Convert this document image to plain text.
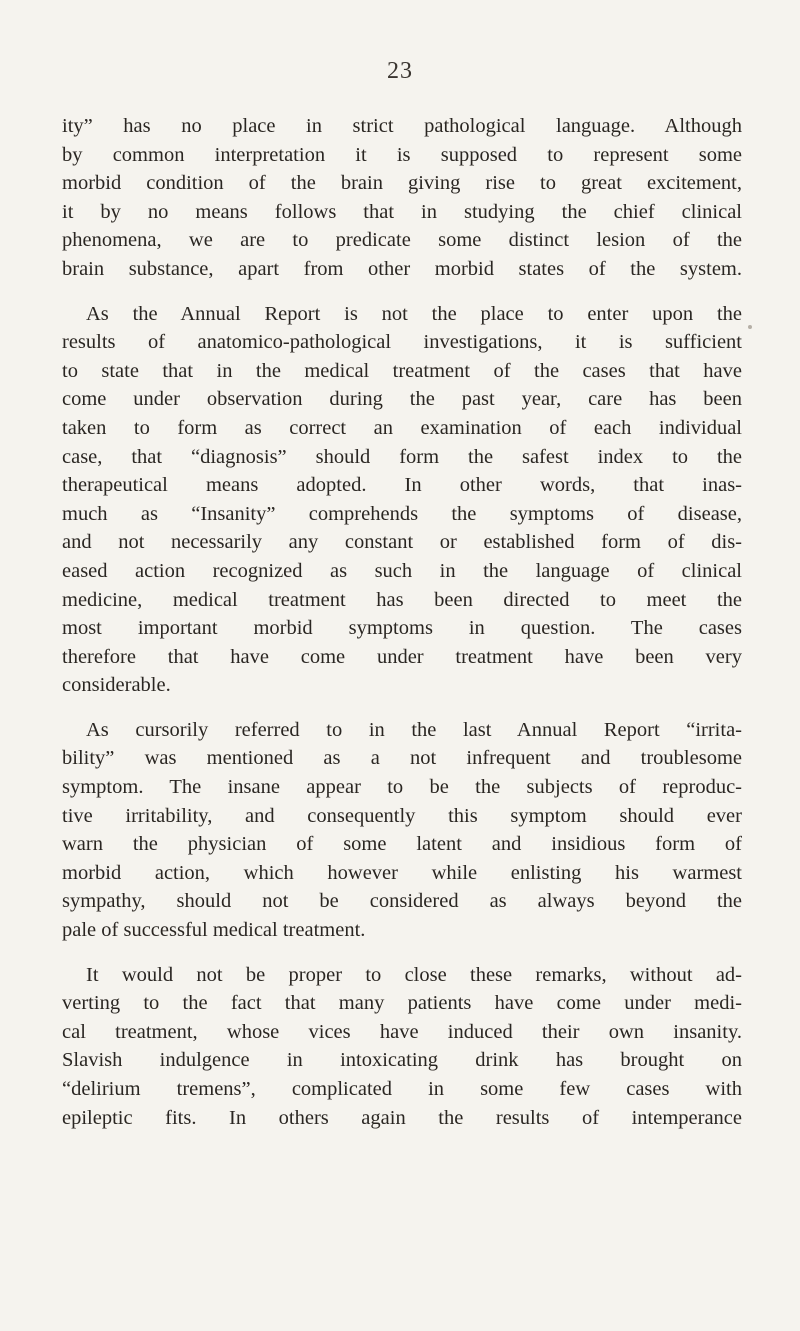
23

ity” has no place in strict pathological language. Although
by common interpretation it is supposed to represent some
morbid condition of the brain giving rise to great excitement,
it by no means follows that in studying the chief clinical
phenomena, we are to predicate some distinct lesion of the
brain substance, apart from other morbid states of the system.

As the Annual Report is not the place to enter upon the
results of anatomico-pathological investigations, it is sufficient
to state that in the medical treatment of the cases that have
come under observation during the past year, care has been
taken to form as correct an examination of each individual
case, that “diagnosis” should form the safest index to the
therapeutical means adopted. In other words, that inas-
much as “Insanity” comprehends the symptoms of disease,
and not necessarily any constant or established form of dis-
eased action recognized as such in the language of clinical
medicine, medical treatment has been directed to meet the
most important morbid symptoms in question. The cases
therefore that have come under treatment have been very
considerable.

As cursorily referred to in the last Annual Report “irrita-
bility” was mentioned as a not infrequent and troublesome
symptom. The insane appear to be the subjects of reproduc-
tive irritability, and consequently this symptom should ever
warn the physician of some latent and insidious form of
morbid action, which however while enlisting his warmest
sympathy, should not be considered as always beyond the
pale of successful medical treatment.

It would not be proper to close these remarks, without ad-
verting to the fact that many patients have come under medi-
cal treatment, whose vices have induced their own insanity.
Slavish indulgence in intoxicating drink has brought on
“delirium tremens”, complicated in some few cases with
epileptic fits. In others again the results of intemperance
